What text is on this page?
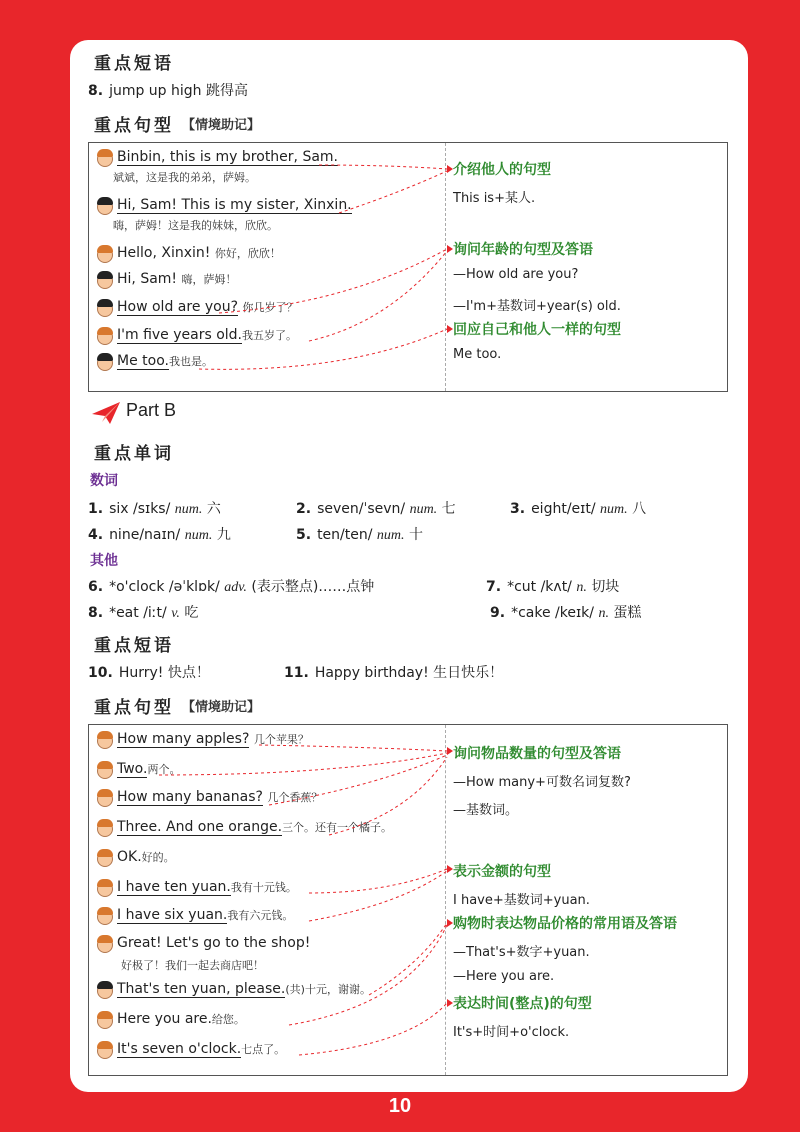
重点短语
8. jump up high 跳得高
重点句型 【情境助记】
Binbin, this is my brother, Sam.
斌斌，这是我的弟弟，萨姆。
Hi, Sam! This is my sister, Xinxin.
嗨，萨姆！这是我的妹妹，欣欣。
Hello, Xinxin! 你好，欣欣！
Hi, Sam! 嗨，萨姆！
How old are you? 你几岁了？
I'm five years old.我五岁了。
Me too.我也是。
介绍他人的句型
This is+某人.
询问年龄的句型及答语
—How old are you?
—I'm+基数词+year(s) old.
回应自己和他人一样的句型
Me too.
Part B
重点单词
数词
1. six /sɪks/ num. 六	2. seven/ˈsevn/ num. 七	3. eight/eɪt/ num. 八
4. nine/naɪn/ num. 九	5. ten/ten/ num. 十
其他
6. *o'clock /əˈklɒk/ adv. (表示整点)……点钟	7. *cut /kʌt/ n. 切块
8. *eat /iːt/ v. 吃	9. *cake /keɪk/ n. 蛋糕
重点短语
10. Hurry! 快点！	11. Happy birthday! 生日快乐！
重点句型 【情境助记】
How many apples? 几个苹果？
Two.两个。
How many bananas? 几个香蕉？
Three. And one orange.三个。还有一个橘子。
OK.好的。
I have ten yuan.我有十元钱。
I have six yuan.我有六元钱。
Great! Let's go to the shop!
好极了！我们一起去商店吧！
That's ten yuan, please.(共)十元，谢谢。
Here you are.给您。
It's seven o'clock.七点了。
询问物品数量的句型及答语
—How many+可数名词复数?
—基数词。
表示金额的句型
I have+基数词+yuan.
购物时表达物品价格的常用语及答语
—That's+数字+yuan.
—Here you are.
表达时间(整点)的句型
It's+时间+o'clock.
10
